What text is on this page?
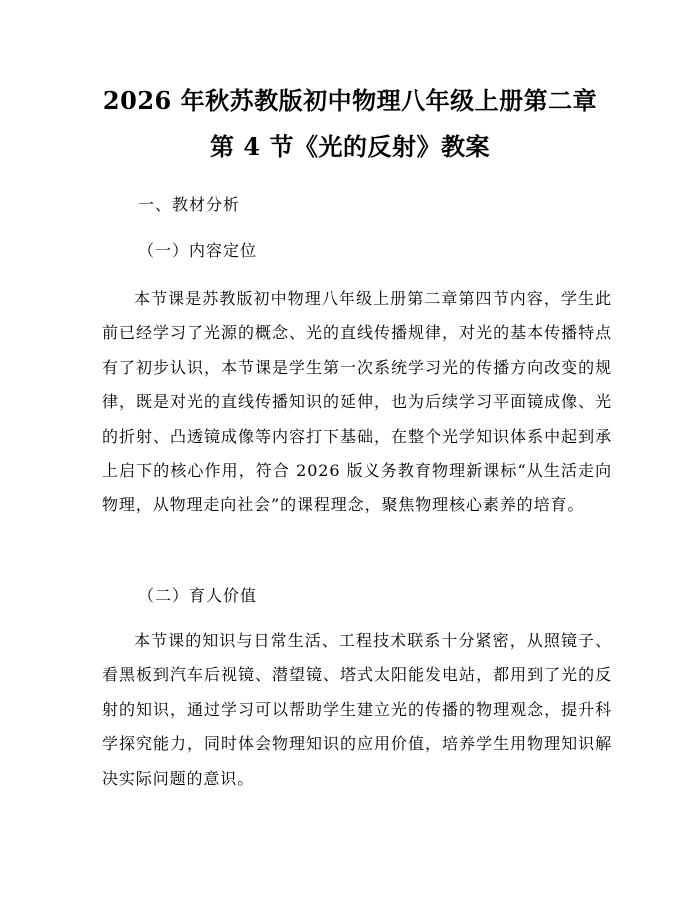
2026 年秋苏教版初中物理八年级上册第二章
第 4 节《光的反射》教案
一、教材分析
（一）内容定位

本节课是苏教版初中物理八年级上册第二章第四节内容，学生此前已经学习了光源的概念、光的直线传播规律，对光的基本传播特点有了初步认识，本节课是学生第一次系统学习光的传播方向改变的规律，既是对光的直线传播知识的延伸，也为后续学习平面镜成像、光的折射、凸透镜成像等内容打下基础，在整个光学知识体系中起到承上启下的核心作用，符合 2026 版义务教育物理新课标“从生活走向物理，从物理走向社会”的课程理念，聚焦物理核心素养的培育。

（二）育人价值

本节课的知识与日常生活、工程技术联系十分紧密，从照镜子、看黑板到汽车后视镜、潜望镜、塔式太阳能发电站，都用到了光的反射的知识，通过学习可以帮助学生建立光的传播的物理观念，提升科学探究能力，同时体会物理知识的应用价值，培养学生用物理知识解决实际问题的意识。
